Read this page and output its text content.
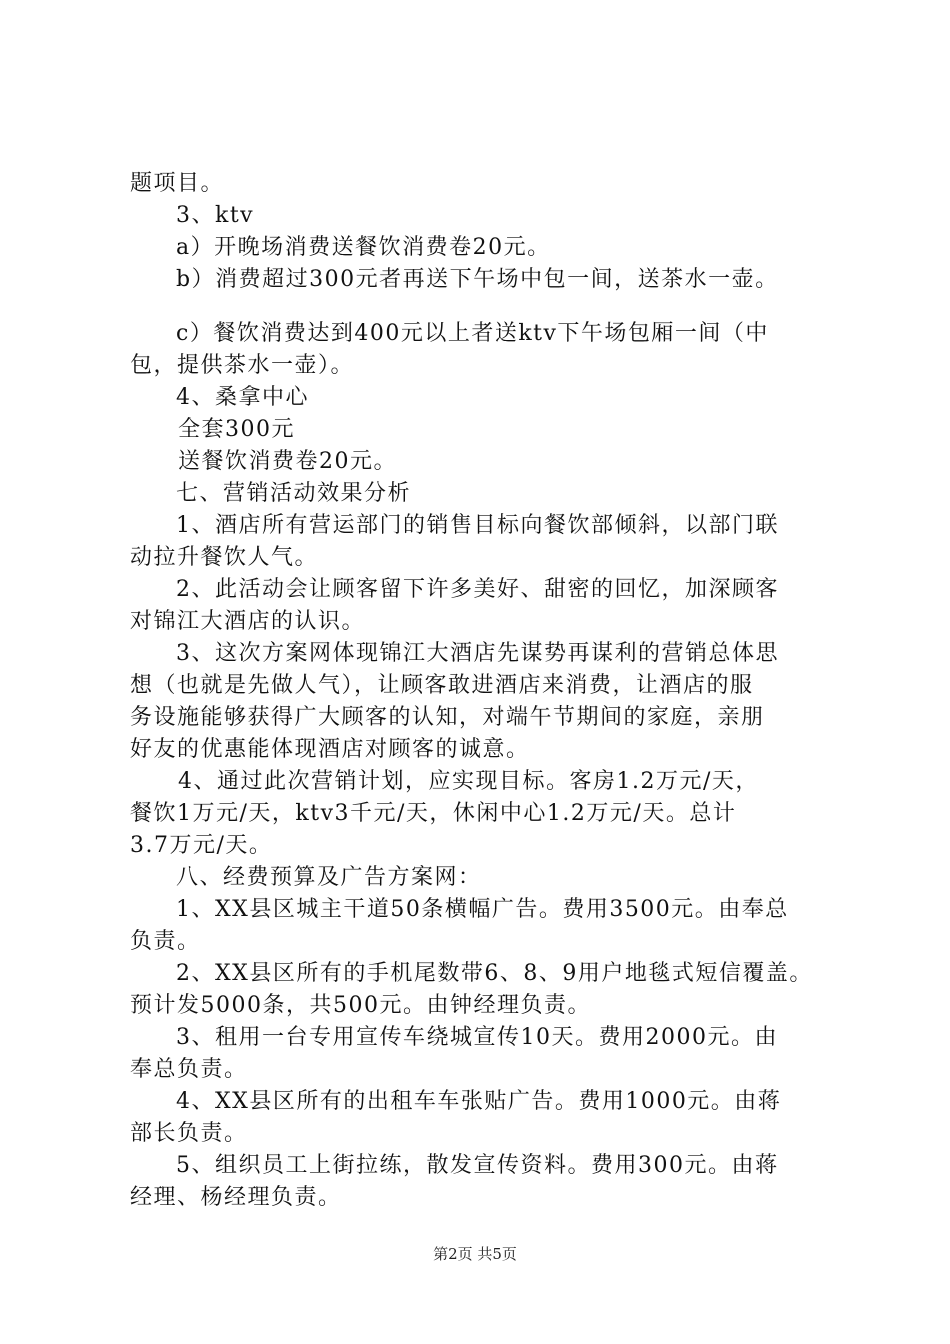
题项目。
3、ktv
a）开晚场消费送餐饮消费卷20元。
b）消费超过300元者再送下午场中包一间，送茶水一壶。
c）餐饮消费达到400元以上者送ktv下午场包厢一间（中
包，提供茶水一壶）。
4、桑拿中心
全套300元
送餐饮消费卷20元。
七、营销活动效果分析
1、酒店所有营运部门的销售目标向餐饮部倾斜，以部门联
动拉升餐饮人气。
2、此活动会让顾客留下许多美好、甜密的回忆，加深顾客
对锦江大酒店的认识。
3、这次方案网体现锦江大酒店先谋势再谋利的营销总体思
想（也就是先做人气），让顾客敢进酒店来消费，让酒店的服
务设施能够获得广大顾客的认知，对端午节期间的家庭，亲朋
好友的优惠能体现酒店对顾客的诚意。
4、通过此次营销计划，应实现目标。客房1.2万元/天，
餐饮1万元/天，ktv3千元/天，休闲中心1.2万元/天。总计
3.7万元/天。
八、经费预算及广告方案网：
1、XX县区城主干道50条横幅广告。费用3500元。由奉总
负责。
2、XX县区所有的手机尾数带6、8、9用户地毯式短信覆盖。
预计发5000条，共500元。由钟经理负责。
3、租用一台专用宣传车绕城宣传10天。费用2000元。由
奉总负责。
4、XX县区所有的出租车车张贴广告。费用1000元。由蒋
部长负责。
5、组织员工上街拉练，散发宣传资料。费用300元。由蒋
经理、杨经理负责。
第2页 共5页
